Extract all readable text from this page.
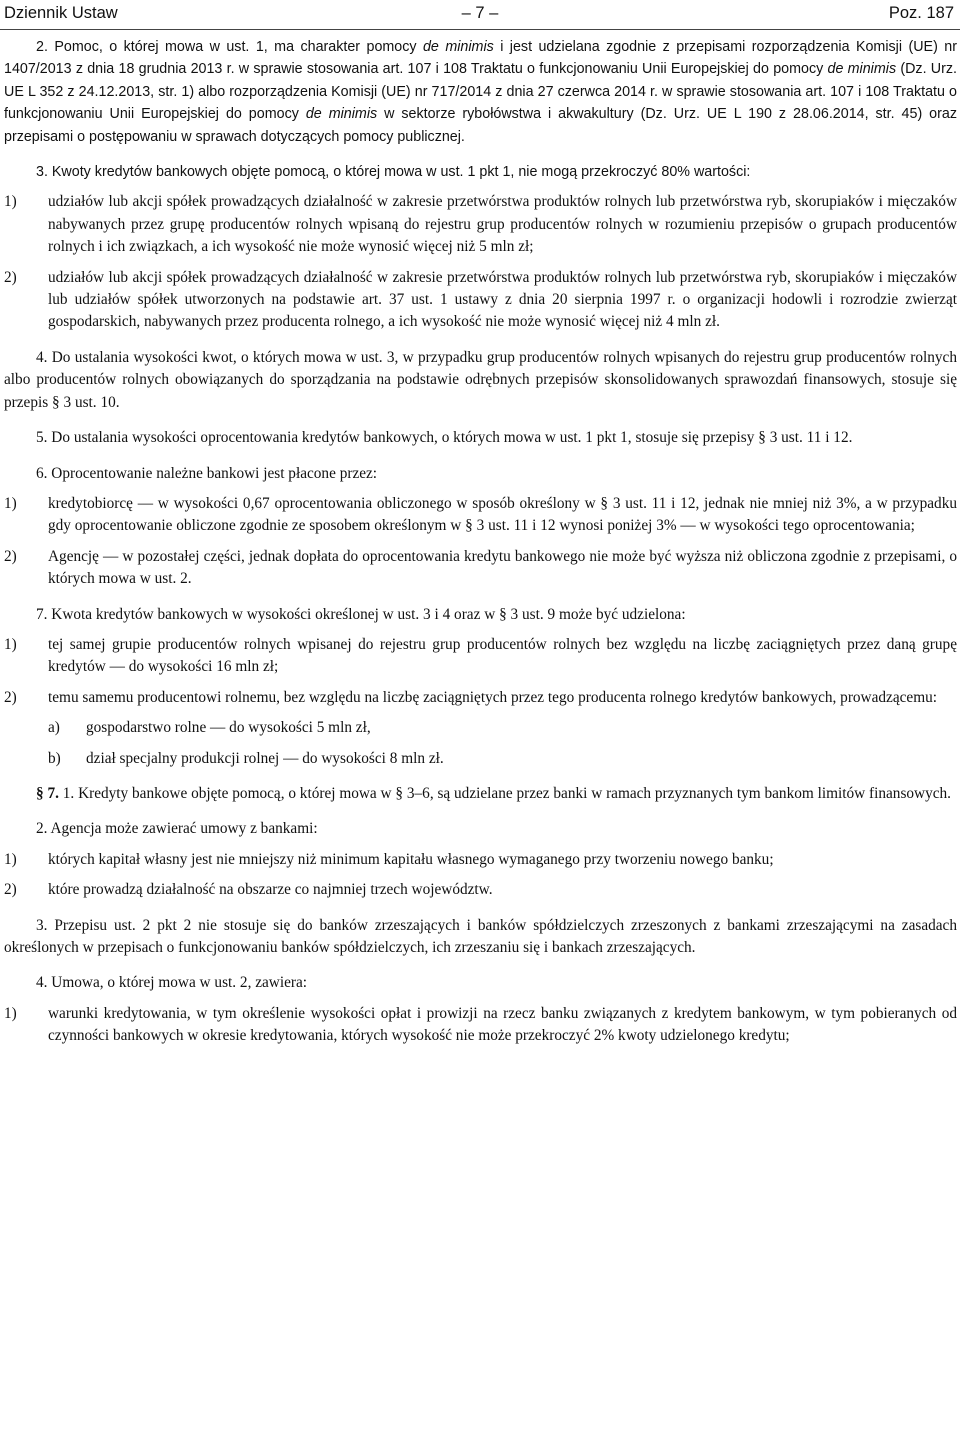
Dziennik Ustaw	– 7 –	Poz. 187

2. Pomoc, o której mowa w ust. 1, ma charakter pomocy de minimis i jest udzielana zgodnie z przepisami rozporządzenia Komisji (UE) nr 1407/2013 z dnia 18 grudnia 2013 r. w sprawie stosowania art. 107 i 108 Traktatu o funkcjonowaniu Unii Europejskiej do pomocy de minimis (Dz. Urz. UE L 352 z 24.12.2013, str. 1) albo rozporządzenia Komisji (UE) nr 717/2014 z dnia 27 czerwca 2014 r. w sprawie stosowania art. 107 i 108 Traktatu o funkcjonowaniu Unii Europejskiej do pomocy de minimis w sektorze rybołówstwa i akwakultury (Dz. Urz. UE L 190 z 28.06.2014, str. 45) oraz przepisami o postępowaniu w sprawach dotyczących pomocy publicznej.

3. Kwoty kredytów bankowych objęte pomocą, o której mowa w ust. 1 pkt 1, nie mogą przekroczyć 80% wartości:

1) udziałów lub akcji spółek prowadzących działalność w zakresie przetwórstwa produktów rolnych lub przetwórstwa ryb, skorupiaków i mięczaków nabywanych przez grupę producentów rolnych wpisaną do rejestru grup producentów rolnych w rozumieniu przepisów o grupach producentów rolnych i ich związkach, a ich wysokość nie może wynosić więcej niż 5 mln zł;
2) udziałów lub akcji spółek prowadzących działalność w zakresie przetwórstwa produktów rolnych lub przetwórstwa ryb, skorupiaków i mięczaków lub udziałów spółek utworzonych na podstawie art. 37 ust. 1 ustawy z dnia 20 sierpnia 1997 r. o organizacji hodowli i rozrodzie zwierząt gospodarskich, nabywanych przez producenta rolnego, a ich wysokość nie może wynosić więcej niż 4 mln zł.

4. Do ustalania wysokości kwot, o których mowa w ust. 3, w przypadku grup producentów rolnych wpisanych do rejestru grup producentów rolnych albo producentów rolnych obowiązanych do sporządzania na podstawie odrębnych przepisów skonsolidowanych sprawozdań finansowych, stosuje się przepis § 3 ust. 10.

5. Do ustalania wysokości oprocentowania kredytów bankowych, o których mowa w ust. 1 pkt 1, stosuje się przepisy § 3 ust. 11 i 12.

6. Oprocentowanie należne bankowi jest płacone przez:

1) kredytobiorcę — w wysokości 0,67 oprocentowania obliczonego w sposób określony w § 3 ust. 11 i 12, jednak nie mniej niż 3%, a w przypadku gdy oprocentowanie obliczone zgodnie ze sposobem określonym w § 3 ust. 11 i 12 wynosi poniżej 3% — w wysokości tego oprocentowania;
2) Agencję — w pozostałej części, jednak dopłata do oprocentowania kredytu bankowego nie może być wyższa niż obliczona zgodnie z przepisami, o których mowa w ust. 2.

7. Kwota kredytów bankowych w wysokości określonej w ust. 3 i 4 oraz w § 3 ust. 9 może być udzielona:

1) tej samej grupie producentów rolnych wpisanej do rejestru grup producentów rolnych bez względu na liczbę zaciągniętych przez daną grupę kredytów — do wysokości 16 mln zł;
2) temu samemu producentowi rolnemu, bez względu na liczbę zaciągniętych przez tego producenta rolnego kredytów bankowych, prowadzącemu:
a) gospodarstwo rolne — do wysokości 5 mln zł,
b) dział specjalny produkcji rolnej — do wysokości 8 mln zł.

§ 7. 1. Kredyty bankowe objęte pomocą, o której mowa w § 3–6, są udzielane przez banki w ramach przyznanych tym bankom limitów finansowych.

2. Agencja może zawierać umowy z bankami:

1) których kapitał własny jest nie mniejszy niż minimum kapitału własnego wymaganego przy tworzeniu nowego banku;
2) które prowadzą działalność na obszarze co najmniej trzech województw.

3. Przepisu ust. 2 pkt 2 nie stosuje się do banków zrzeszających i banków spółdzielczych zrzeszonych z bankami zrzeszającymi na zasadach określonych w przepisach o funkcjonowaniu banków spółdzielczych, ich zrzeszaniu się i bankach zrzeszających.

4. Umowa, o której mowa w ust. 2, zawiera:

1) warunki kredytowania, w tym określenie wysokości opłat i prowizji na rzecz banku związanych z kredytem bankowym, w tym pobieranych od czynności bankowych w okresie kredytowania, których wysokość nie może przekroczyć 2% kwoty udzielonego kredytu;
